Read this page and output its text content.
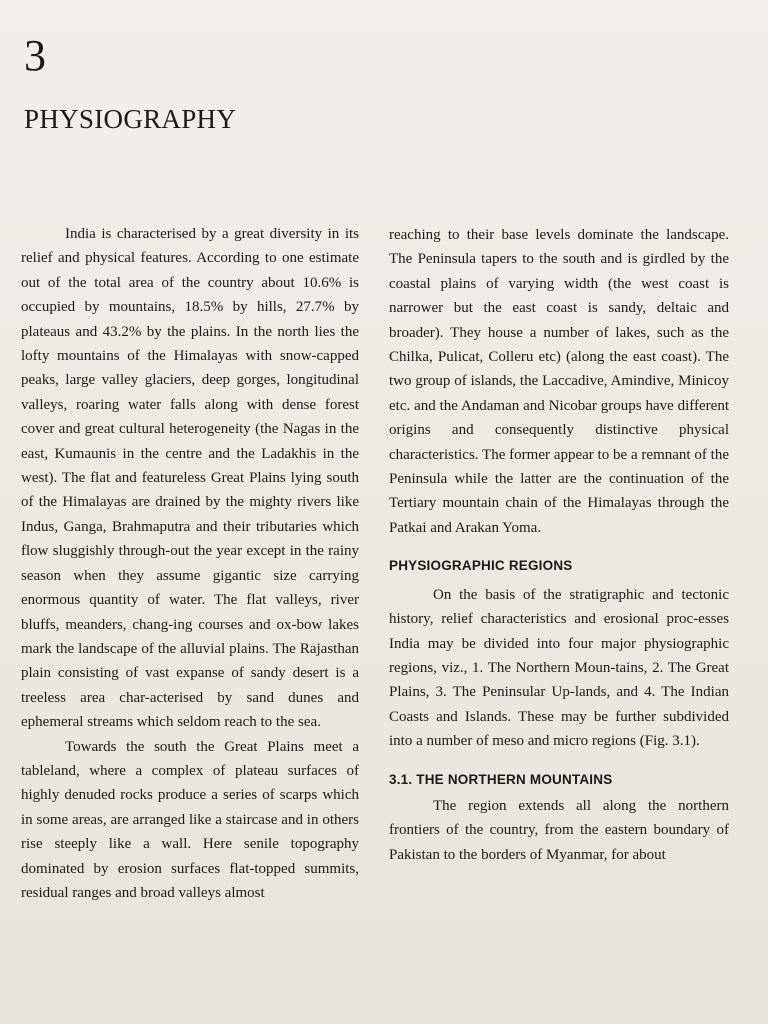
3
PHYSIOGRAPHY

India is characterised by a great diversity in its relief and physical features. According to one estimate out of the total area of the country about 10.6% is occupied by mountains, 18.5% by hills, 27.7% by plateaus and 43.2% by the plains. In the north lies the lofty mountains of the Himalayas with snow-capped peaks, large valley glaciers, deep gorges, longitudinal valleys, roaring water falls along with dense forest cover and great cultural heterogeneity (the Nagas in the east, Kumaunis in the centre and the Ladakhis in the west). The flat and featureless Great Plains lying south of the Himalayas are drained by the mighty rivers like Indus, Ganga, Brahmaputra and their tributaries which flow sluggishly through-out the year except in the rainy season when they assume gigantic size carrying enormous quantity of water. The flat valleys, river bluffs, meanders, chang-ing courses and ox-bow lakes mark the landscape of the alluvial plains. The Rajasthan plain consisting of vast expanse of sandy desert is a treeless area char-acterised by sand dunes and ephemeral streams which seldom reach to the sea.

Towards the south the Great Plains meet a tableland, where a complex of plateau surfaces of highly denuded rocks produce a series of scarps which in some areas, are arranged like a staircase and in others rise steeply like a wall. Here senile topography dominated by erosion surfaces flat-topped summits, residual ranges and broad valleys almost

reaching to their base levels dominate the landscape. The Peninsula tapers to the south and is girdled by the coastal plains of varying width (the west coast is narrower but the east coast is sandy, deltaic and broader). They house a number of lakes, such as the Chilka, Pulicat, Colleru etc) (along the east coast). The two group of islands, the Laccadive, Amindive, Minicoy etc. and the Andaman and Nicobar groups have different origins and consequently distinctive physical characteristics. The former appear to be a remnant of the Peninsula while the latter are the continuation of the Tertiary mountain chain of the Himalayas through the Patkai and Arakan Yoma.

PHYSIOGRAPHIC REGIONS

On the basis of the stratigraphic and tectonic history, relief characteristics and erosional proc-esses India may be divided into four major physiographic regions, viz., 1. The Northern Moun-tains, 2. The Great Plains, 3. The Peninsular Up-lands, and 4. The Indian Coasts and Islands. These may be further subdivided into a number of meso and micro regions (Fig. 3.1).

3.1. THE NORTHERN MOUNTAINS

The region extends all along the northern frontiers of the country, from the eastern boundary of Pakistan to the borders of Myanmar, for about
